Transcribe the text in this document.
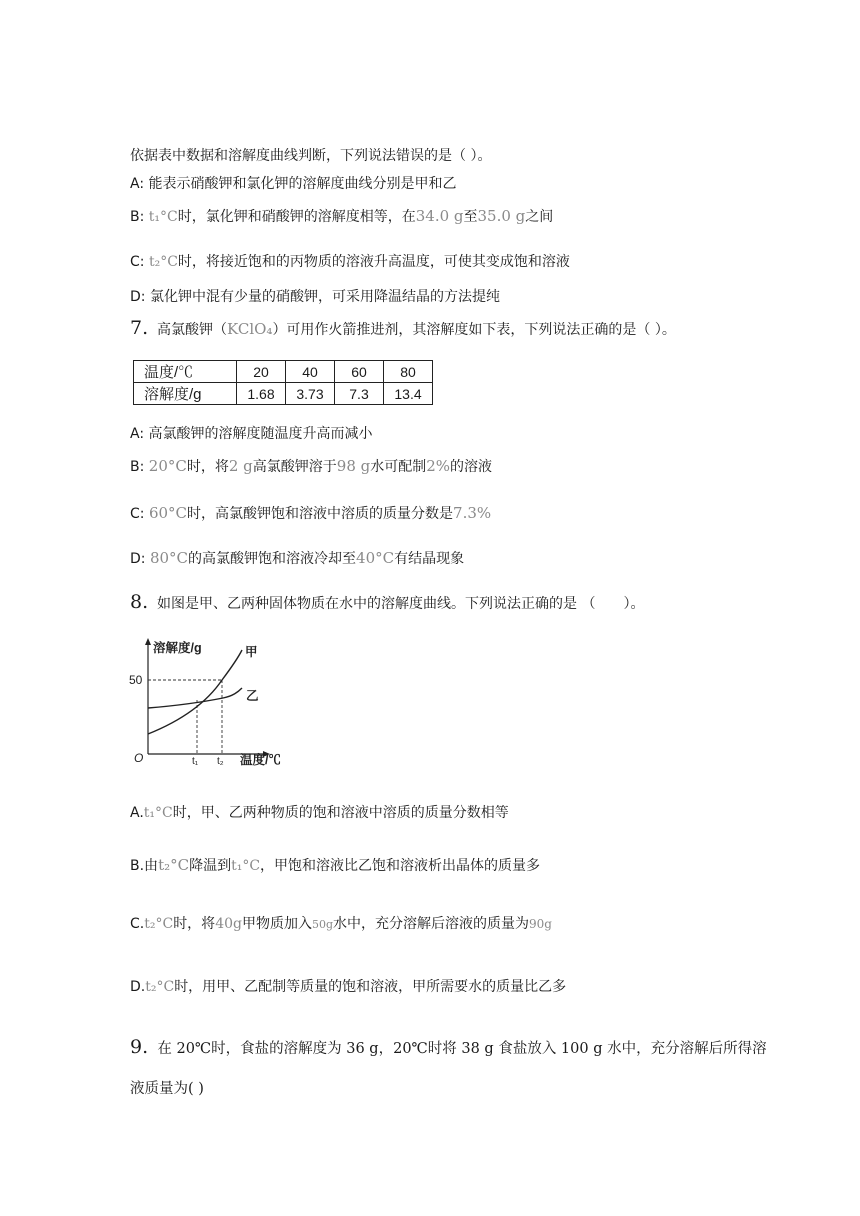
依据表中数据和溶解度曲线判断，下列说法错误的是（ ）。
A: 能表示硝酸钾和氯化钾的溶解度曲线分别是甲和乙
B: t₁°C时，氯化钾和硝酸钾的溶解度相等，在34.0 g至35.0 g之间
C: t₂°C时，将接近饱和的丙物质的溶液升高温度，可使其变成饱和溶液
D: 氯化钾中混有少量的硝酸钾，可采用降温结晶的方法提纯
7. 高氯酸钾（KClO₄）可用作火箭推进剂，其溶解度如下表，下列说法正确的是（ ）。
温度/℃	20	40	60	80
溶解度/g	1.68	3.73	7.3	13.4
A: 高氯酸钾的溶解度随温度升高而减小
B: 20°C时，将2 g高氯酸钾溶于98 g水可配制2%的溶液
C: 60°C时，高氯酸钾饱和溶液中溶质的质量分数是7.3%
D: 80°C的高氯酸钾饱和溶液冷却至40°C有结晶现象
8. 如图是甲、乙两种固体物质在水中的溶解度曲线。下列说法正确的是 （　　）。
溶解度/g
乙
甲
50
O	t₁ t₂ 温度/℃
A.t₁°C时，甲、乙两种物质的饱和溶液中溶质的质量分数相等
B.由t₂°C降温到t₁°C，甲饱和溶液比乙饱和溶液析出晶体的质量多
C.t₂°C时，将40g甲物质加入50g水中，充分溶解后溶液的质量为90g
D.t₂°C时，用甲、乙配制等质量的饱和溶液，甲所需要水的质量比乙多
9. 在 20℃时，食盐的溶解度为 36 g，20℃时将 38 g 食盐放入 100 g 水中，充分溶解后所得溶
液质量为( )
